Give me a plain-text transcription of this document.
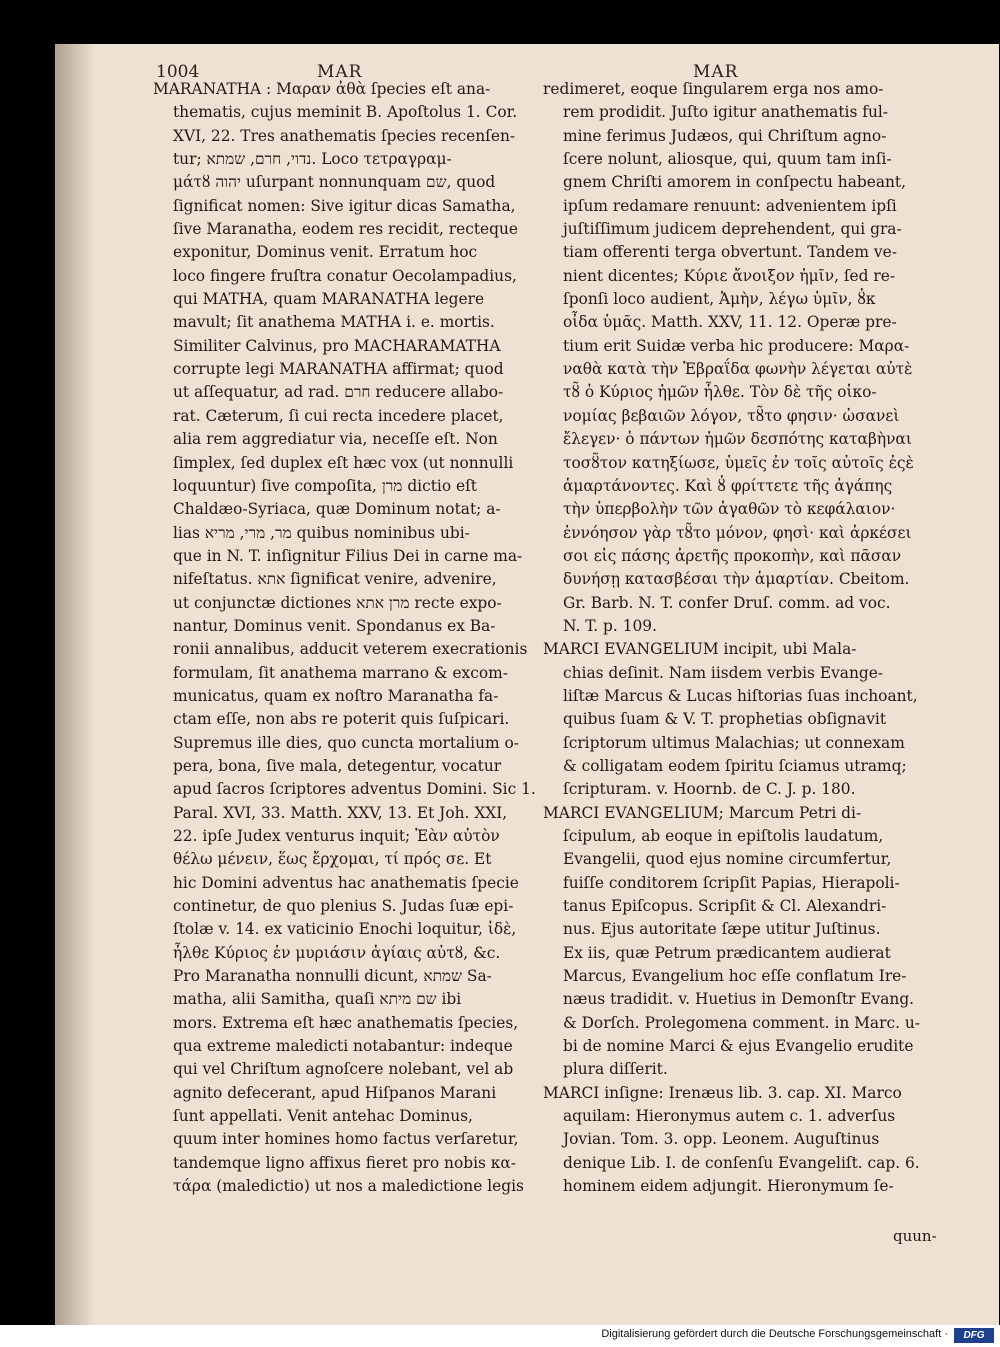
1004	MAR	MAR
MARANATHA : Μαραν ἀθὰ ſpecies eſt ana-
thematis, cujus meminit B. Apoſtolus 1. Cor.
XVI, 22. Tres anathematis ſpecies recenſen-
tur; נדוי, חרם, שמתא. Loco τετραγραμ-
μάτȣ יהוה uſurpant nonnunquam שם, quod
ſignificat nomen: Sive igitur dicas Samatha,
ſive Maranatha, eodem res recidit, recteque
exponitur, Dominus venit. Erratum hoc
loco fingere fruſtra conatur Oecolampadius,
qui MATHA, quam MARANATHA legere
mavult; ſit anathema MATHA i. e. mortis.
Similiter Calvinus, pro MACHARAMATHA
corrupte legi MARANATHA affirmat; quod
ut aſſequatur, ad rad. חרם reducere allabo-
rat. Cæterum, ſi cui recta incedere placet,
alia rem aggrediatur via, neceſſe eſt. Non
ſimplex, ſed duplex eſt hæc vox (ut nonnulli
loquuntur) ſive compoſita, מרן dictio eſt
Chaldæo-Syriaca, quæ Dominum notat; a-
lias מר, מרי, מריא quibus nominibus ubi-
que in N. T. inſignitur Filius Dei in carne ma-
nifeſtatus. אתא ſignificat venire, advenire,
ut conjunctæ dictiones מרן אתא recte expo-
nantur, Dominus venit. Spondanus ex Ba-
ronii annalibus, adducit veterem execrationis
formulam, ſit anathema marrano & excom-
municatus, quam ex noſtro Maranatha fa-
ctam eſſe, non abs re poterit quis ſuſpicari.
Supremus ille dies, quo cuncta mortalium o-
pera, bona, ſive mala, detegentur, vocatur
apud ſacros ſcriptores adventus Domini. Sic 1.
Paral. XVI, 33. Matth. XXV, 13. Et Joh. XXI,
22. ipſe Judex venturus inquit; Ἐὰν αὐτὸν
θέλω μένειν, ἕως ἔρχομαι, τί πρός σε. Et
hic Domini adventus hac anathematis ſpecie
continetur, de quo plenius S. Judas ſuæ epi-
ſtolæ v. 14. ex vaticinio Enochi loquitur, ἰδὲ,
ἦλθε Κύριος ἐν μυριάσιν ἁγίαις αὐτȣ, &c.
Pro Maranatha nonnulli dicunt, שמתא Sa-
matha, alii Samitha, quaſi שם מיתא ibi
mors. Extrema eſt hæc anathematis ſpecies,
qua extreme maledicti notabantur: indeque
qui vel Chriſtum agnoſcere nolebant, vel ab
agnito defecerant, apud Hiſpanos Marani
ſunt appellati. Venit antehac Dominus,
quum inter homines homo factus verſaretur,
tandemque ligno affixus fieret pro nobis κα-
τάρα (maledictio) ut nos a maledictione legis
redimeret, eoque ſingularem erga nos amo-
rem prodidit. Juſto igitur anathematis ful-
mine ferimus Judæos, qui Chriſtum agno-
ſcere nolunt, aliosque, qui, quum tam inſi-
gnem Chriſti amorem in conſpectu habeant,
ipſum redamare renuunt: advenientem ipſi
juſtiſſimum judicem deprehendent, qui gra-
tiam offerenti terga obvertunt. Tandem ve-
nient dicentes; Κύριε ἄνοιξον ἡμῖν, ſed re-
ſponſi loco audient, Ἀμὴν, λέγω ὑμῖν, ȣ̓κ
οἶδα ὑμᾶς. Matth. XXV, 11. 12. Operæ pre-
tium erit Suidæ verba hic producere: Μαρα-
ναθὰ κατὰ τὴν Ἑβραΐδα φωνὴν λέγεται αὐτὲ
τȣ̃ ὁ Κύριος ἡμῶν ἦλθε. Τὸν δὲ τῆς οἰκο-
νομίας βεβαιῶν λόγον, τȣ̃το φησιν· ὡσανεὶ
ἔλεγεν· ὁ πάντων ἡμῶν δεσπότης καταβὴναι
τοσȣ̃τον κατηξίωσε, ὑμεῖς ἐν τοῖς αὐτοῖς ἐςὲ
ἁμαρτάνοντες. Καὶ ȣ̓ φρίττετε τῆς ἀγάπης
τὴν ὑπερβολὴν τῶν ἀγαθῶν τὸ κεφάλαιον·
ἐννόησον γὰρ τȣ̃το μόνον, φησὶ· καὶ ἀρκέσει
σοι εἰς πάσης ἀρετῆς προκοπὴν, καὶ πᾶσαν
δυνήσῃ κατασβέσαι τὴν ἁμαρτίαν. Cbeitom.
Gr. Barb. N. T. confer Druſ. comm. ad voc.
N. T. p. 109.
MARCI EVANGELIUM incipit, ubi Mala-
chias deſinit. Nam iisdem verbis Evange-
liſtæ Marcus & Lucas hiſtorias ſuas inchoant,
quibus ſuam & V. T. prophetias obſignavit
ſcriptorum ultimus Malachias; ut connexam
& colligatam eodem ſpiritu ſciamus utramq;
ſcripturam. v. Hoornb. de C. J. p. 180.
MARCI EVANGELIUM; Marcum Petri di-
ſcipulum, ab eoque in epiſtolis laudatum,
Evangelii, quod ejus nomine circumfertur,
fuiſſe conditorem ſcripſit Papias, Hierapoli-
tanus Epiſcopus. Scripſit & Cl. Alexandri-
nus. Ejus autoritate ſæpe utitur Juſtinus.
Ex iis, quæ Petrum prædicantem audierat
Marcus, Evangelium hoc eſſe conflatum Ire-
næus tradidit. v. Huetius in Demonſtr Evang.
& Dorſch. Prolegomena comment. in Marc. u-
bi de nomine Marci & ejus Evangelio erudite
plura diſſerit.
MARCI inſigne: Irenæus lib. 3. cap. XI. Marco
aquilam: Hieronymus autem c. 1. adverſus
Jovian. Tom. 3. opp. Leonem. Auguſtinus
denique Lib. I. de conſenſu Evangeliſt. cap. 6.
hominem eidem adjungit. Hieronymum ſe-
quun-
Digitalisierung gefördert durch die Deutsche Forschungsgemeinschaft ·	DFG
